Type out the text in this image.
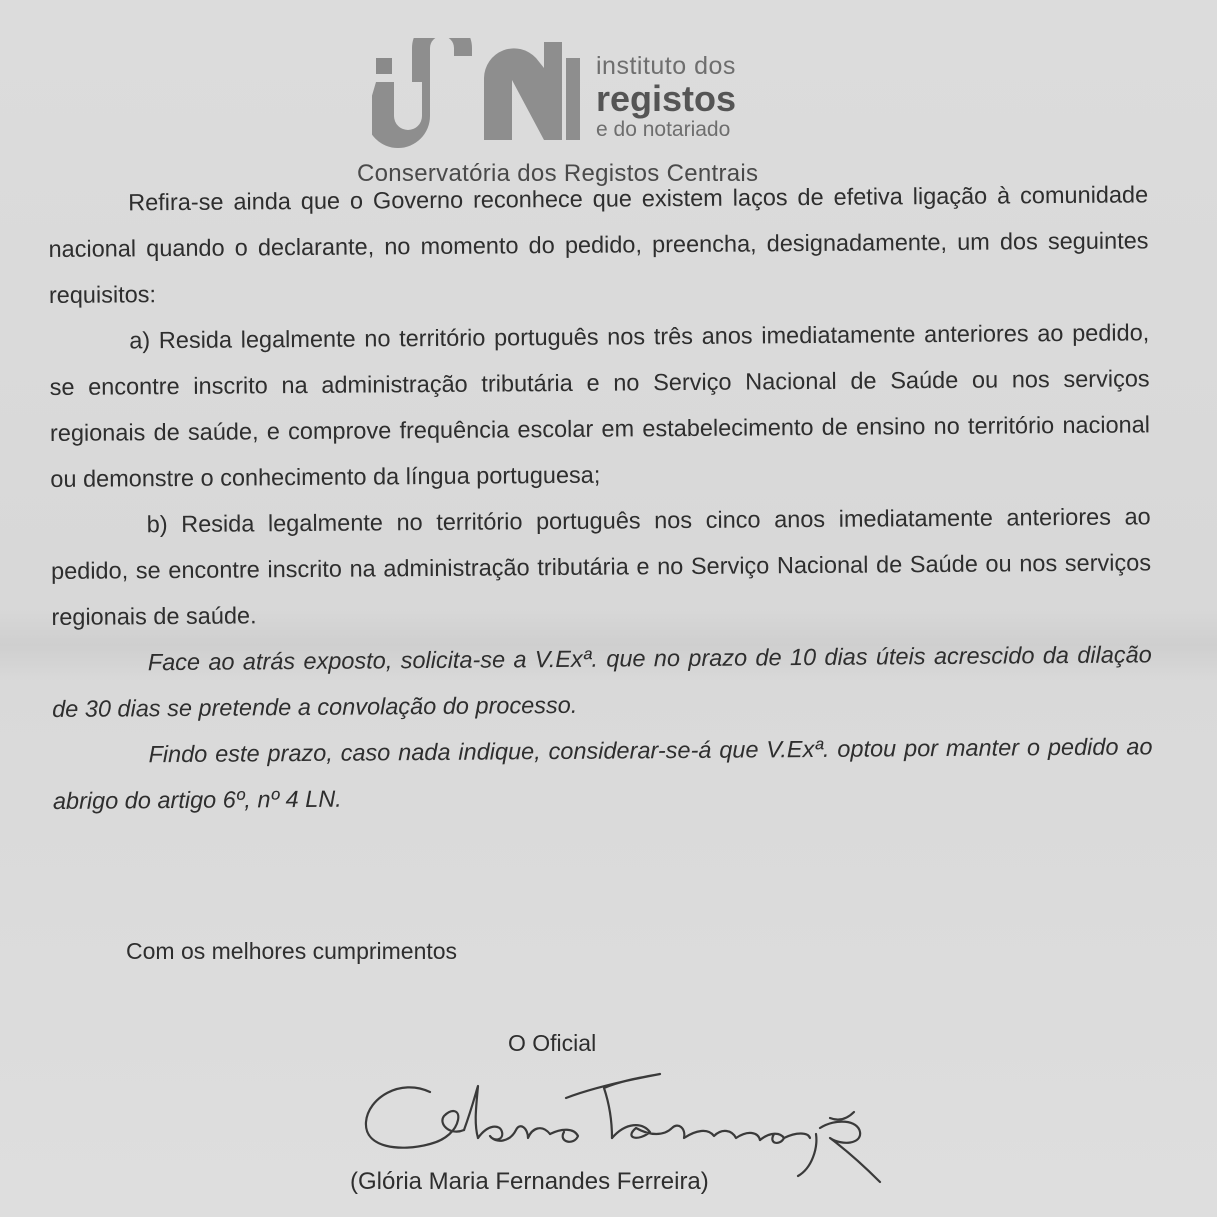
instituto dos
registos
e do notariado
Conservatória dos Registos Centrais

Refira-se ainda que o Governo reconhece que existem laços de efetiva ligação à comunidade nacional quando o declarante, no momento do pedido, preencha, designadamente, um dos seguintes requisitos:

a) Resida legalmente no território português nos três anos imediatamente anteriores ao pedido, se encontre inscrito na administração tributária e no Serviço Nacional de Saúde ou nos serviços regionais de saúde, e comprove frequência escolar em estabelecimento de ensino no território nacional ou demonstre o conhecimento da língua portuguesa;

b) Resida legalmente no território português nos cinco anos imediatamente anteriores ao pedido, se encontre inscrito na administração tributária e no Serviço Nacional de Saúde ou nos serviços regionais de saúde.

Face ao atrás exposto, solicita-se a V.Exª. que no prazo de 10 dias úteis acrescido da dilação de 30 dias se pretende a convolação do processo.

Findo este prazo, caso nada indique, considerar-se-á que V.Exª. optou por manter o pedido ao abrigo do artigo 6º, nº 4 LN.

Com os melhores cumprimentos
O Oficial
(Glória Maria Fernandes Ferreira)
